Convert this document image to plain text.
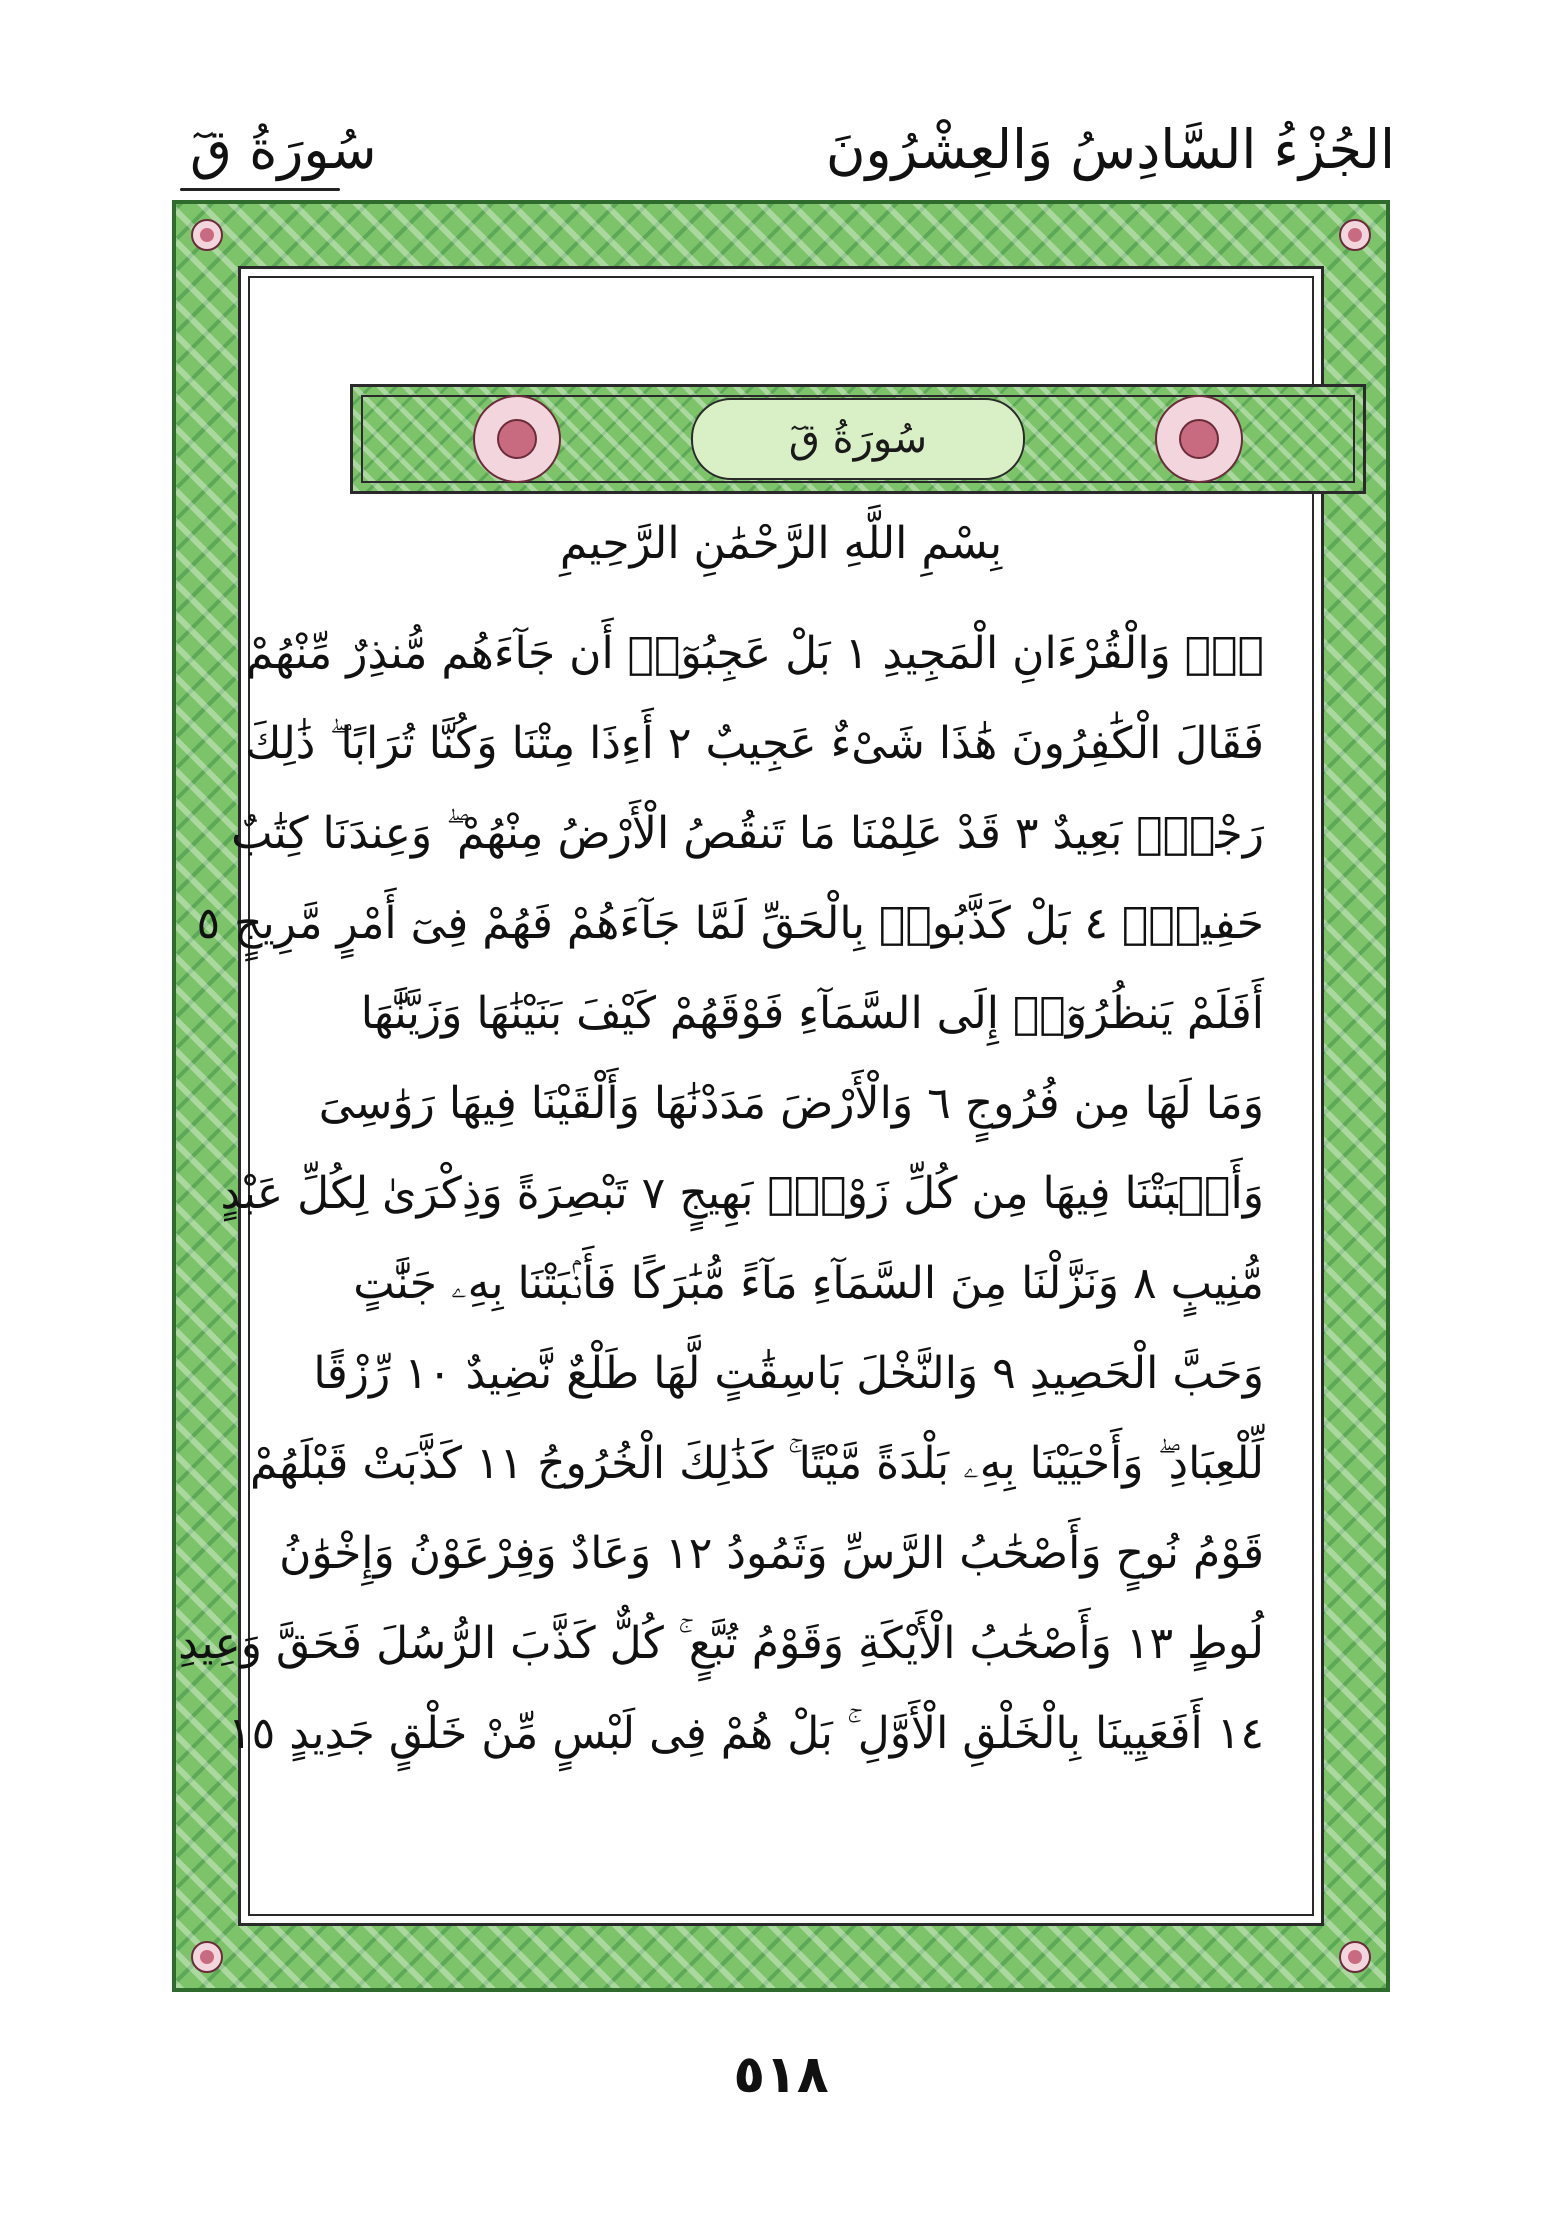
الجُزْءُ السَّادِسُ وَالعِشْرُونَ
سُورَةُ قٓ
سُورَةُ قٓ
بِسْمِ اللَّهِ الرَّحْمَٰنِ الرَّحِيمِ
قٓۚ وَالْقُرْءَانِ الْمَجِيدِ ١ بَلْ عَجِبُوٓا۟ أَن جَآءَهُم مُّنذِرٌ مِّنْهُمْ
فَقَالَ الْكَٰفِرُونَ هَٰذَا شَىْءٌ عَجِيبٌ ٢ أَءِذَا مِتْنَا وَكُنَّا تُرَابًا ۖ ذَٰلِكَ
رَجْعٌۢ بَعِيدٌ ٣ قَدْ عَلِمْنَا مَا تَنقُصُ الْأَرْضُ مِنْهُمْ ۖ وَعِندَنَا كِتَٰبٌ
حَفِيظٌۢ ٤ بَلْ كَذَّبُوا۟ بِالْحَقِّ لَمَّا جَآءَهُمْ فَهُمْ فِىٓ أَمْرٍ مَّرِيجٍ ٥
أَفَلَمْ يَنظُرُوٓا۟ إِلَى السَّمَآءِ فَوْقَهُمْ كَيْفَ بَنَيْنَٰهَا وَزَيَّنَّٰهَا
وَمَا لَهَا مِن فُرُوجٍ ٦ وَالْأَرْضَ مَدَدْنَٰهَا وَأَلْقَيْنَا فِيهَا رَوَٰسِىَ
وَأَنۢبَتْنَا فِيهَا مِن كُلِّ زَوْجٍۭ بَهِيجٍ ٧ تَبْصِرَةً وَذِكْرَىٰ لِكُلِّ عَبْدٍ
مُّنِيبٍ ٨ وَنَزَّلْنَا مِنَ السَّمَآءِ مَآءً مُّبَٰرَكًا فَأَنۢبَتْنَا بِهِۦ جَنَّٰتٍ
وَحَبَّ الْحَصِيدِ ٩ وَالنَّخْلَ بَاسِقَٰتٍ لَّهَا طَلْعٌ نَّضِيدٌ ١٠ رِّزْقًا
لِّلْعِبَادِ ۖ وَأَحْيَيْنَا بِهِۦ بَلْدَةً مَّيْتًا ۚ كَذَٰلِكَ الْخُرُوجُ ١١ كَذَّبَتْ قَبْلَهُمْ
قَوْمُ نُوحٍ وَأَصْحَٰبُ الرَّسِّ وَثَمُودُ ١٢ وَعَادٌ وَفِرْعَوْنُ وَإِخْوَٰنُ
لُوطٍ ١٣ وَأَصْحَٰبُ الْأَيْكَةِ وَقَوْمُ تُبَّعٍ ۚ كُلٌّ كَذَّبَ الرُّسُلَ فَحَقَّ وَعِيدِ
١٤ أَفَعَيِينَا بِالْخَلْقِ الْأَوَّلِ ۚ بَلْ هُمْ فِى لَبْسٍ مِّنْ خَلْقٍ جَدِيدٍ ١٥
٥١٨
